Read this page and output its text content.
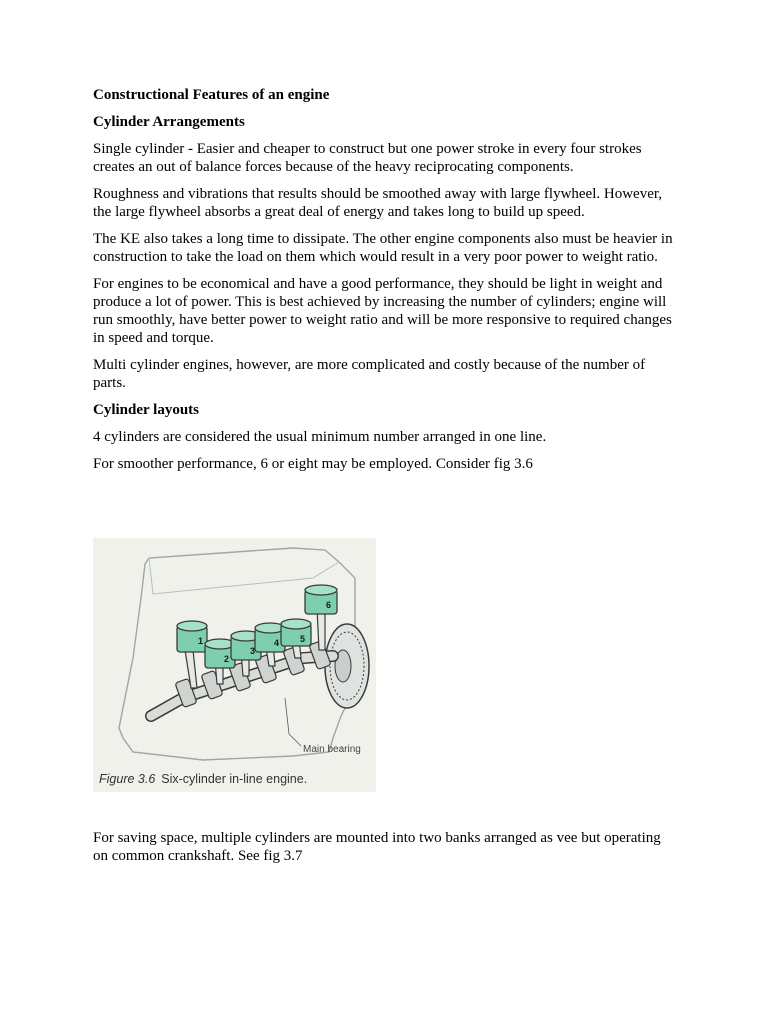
Constructional Features of an engine
Cylinder Arrangements

Single cylinder - Easier and cheaper to construct but one power stroke in every four strokes creates an out of balance forces because of the heavy reciprocating components.

Roughness and vibrations that results should be smoothed away with large flywheel. However, the large flywheel absorbs a great deal of energy and takes long to build up speed.

The KE also takes a long time to dissipate. The other engine components also must be heavier in construction to take the load on them which would result in a very poor power to weight ratio.

For engines to be economical and have a good performance, they should be light in weight and produce a lot of power. This is best achieved by increasing the number of cylinders; engine will run smoothly, have better power to weight ratio and will be more responsive to required changes in speed and torque.

Multi cylinder engines, however, are more complicated and costly because of the number of parts.

Cylinder layouts

4 cylinders are considered the usual minimum number arranged in one line.

For smoother performance, 6 or eight may be employed. Consider fig 3.6

1
2
3
4 5
6
Main bearing
Figure 3.6 Six-cylinder in-line engine.

For saving space, multiple cylinders are mounted into two banks arranged as vee but operating on common crankshaft. See fig 3.7
